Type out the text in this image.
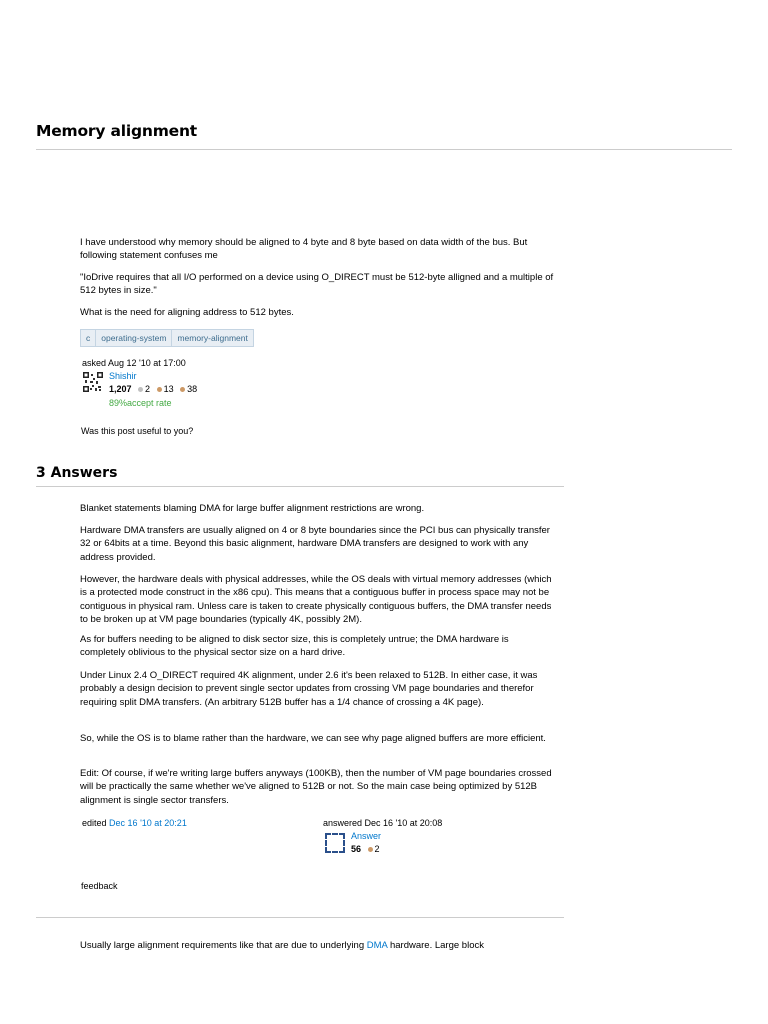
Memory alignment

I have understood why memory should be aligned to 4 byte and 8 byte based on data width of the bus. But following statement confuses me

"IoDrive requires that all I/O performed on a device using O_DIRECT must be 512-byte alligned and a multiple of 512 bytes in size."

What is the need for aligning address to 512 bytes.

c	operating-system	memory-alignment
asked Aug 12 '10 at 17:00
Shishir
1,207 2 13 38
89%accept rate
Was this post useful to you?
3 Answers

Blanket statements blaming DMA for large buffer alignment restrictions are wrong.

Hardware DMA transfers are usually aligned on 4 or 8 byte boundaries since the PCI bus can physically transfer 32 or 64bits at a time. Beyond this basic alignment, hardware DMA transfers are designed to work with any address provided.

However, the hardware deals with physical addresses, while the OS deals with virtual memory addresses (which is a protected mode construct in the x86 cpu). This means that a contiguous buffer in process space may not be contiguous in physical ram. Unless care is taken to create physically contiguous buffers, the DMA transfer needs to be broken up at VM page boundaries (typically 4K, possibly 2M).

As for buffers needing to be aligned to disk sector size, this is completely untrue; the DMA hardware is completely oblivious to the physical sector size on a hard drive.

Under Linux 2.4 O_DIRECT required 4K alignment, under 2.6 it's been relaxed to 512B. In either case, it was probably a design decision to prevent single sector updates from crossing VM page boundaries and therefor requiring split DMA transfers. (An arbitrary 512B buffer has a 1/4 chance of crossing a 4K page).

So, while the OS is to blame rather than the hardware, we can see why page aligned buffers are more efficient.

Edit: Of course, if we're writing large buffers anyways (100KB), then the number of VM page boundaries crossed will be practically the same whether we've aligned to 512B or not. So the main case being optimized by 512B alignment is single sector transfers.

edited Dec 16 '10 at 20:21	answered Dec 16 '10 at 20:08
Answer
56 2
feedback

Usually large alignment requirements like that are due to underlying DMA hardware. Large block
